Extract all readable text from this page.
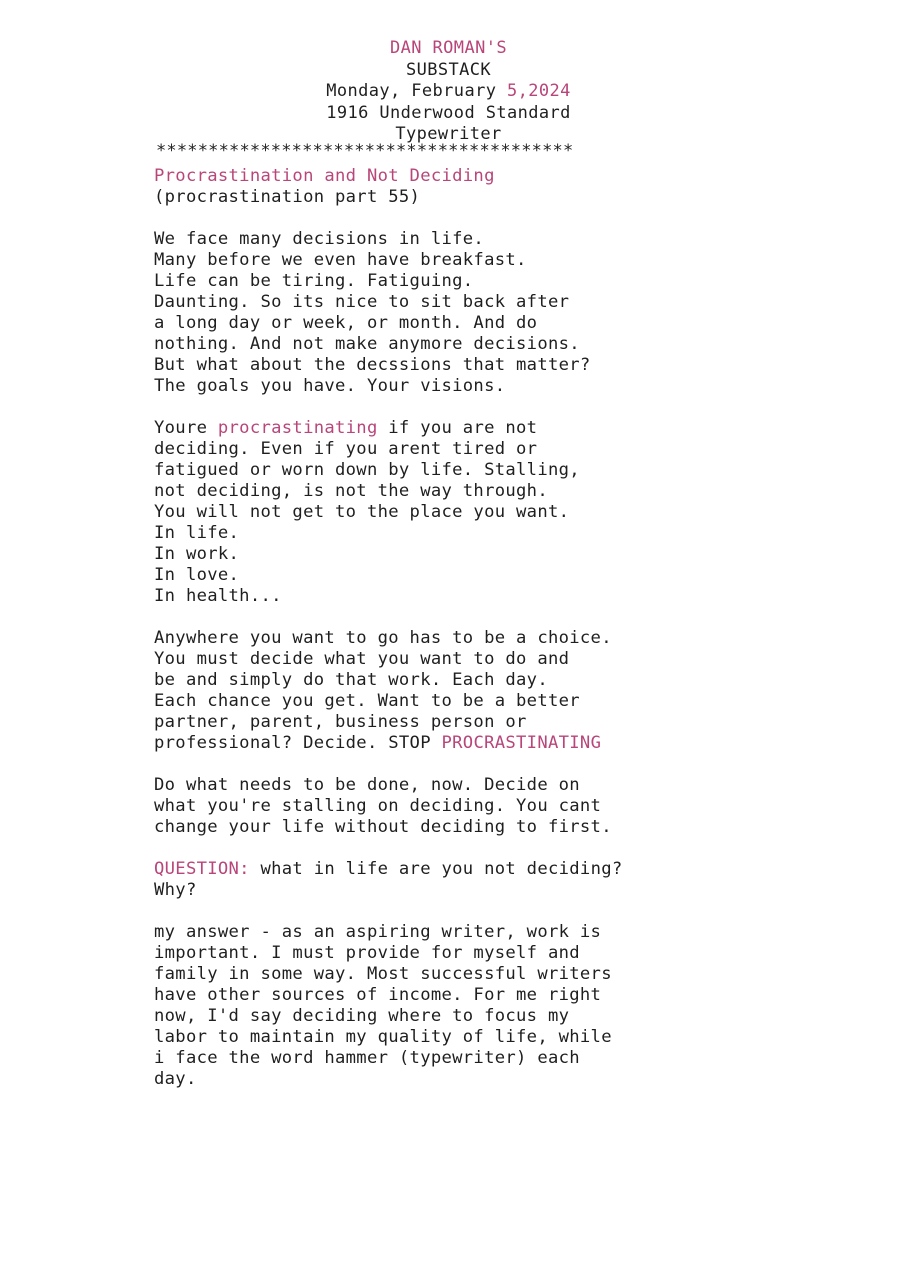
DAN ROMAN'S
SUBSTACK
Monday, February 5,2024
1916 Underwood Standard
Typewriter
****************************************
Procrastination and Not Deciding
(procrastination part 55)
We face many decisions in life.
Many before we even have breakfast.
Life can be tiring. Fatiguing.
Daunting. So its nice to sit back after
a long day or week, or month. And do
nothing. And not make anymore decisions.
But what about the decssions that matter?
The goals you have. Your visions.
Youre procrastinating if you are not
deciding. Even if you arent tired or
fatigued or worn down by life. Stalling,
not deciding, is not the way through.
You will not get to the place you want.
In life.
In work.
In love.
In health...
Anywhere you want to go has to be a choice.
You must decide what you want to do and
be and simply do that work. Each day.
Each chance you get. Want to be a better
partner, parent, business person or
professional? Decide. STOP PROCRASTINATING
Do what needs to be done, now. Decide on
what you're stalling on deciding. You cant
change your life without deciding to first.
QUESTION: what in life are you not deciding?
Why?
my answer - as an aspiring writer, work is
important. I must provide for myself and
family in some way. Most successful writers
have other sources of income. For me right
now, I'd say deciding where to focus my
labor to maintain my quality of life, while
i face the word hammer (typewriter) each
day.
